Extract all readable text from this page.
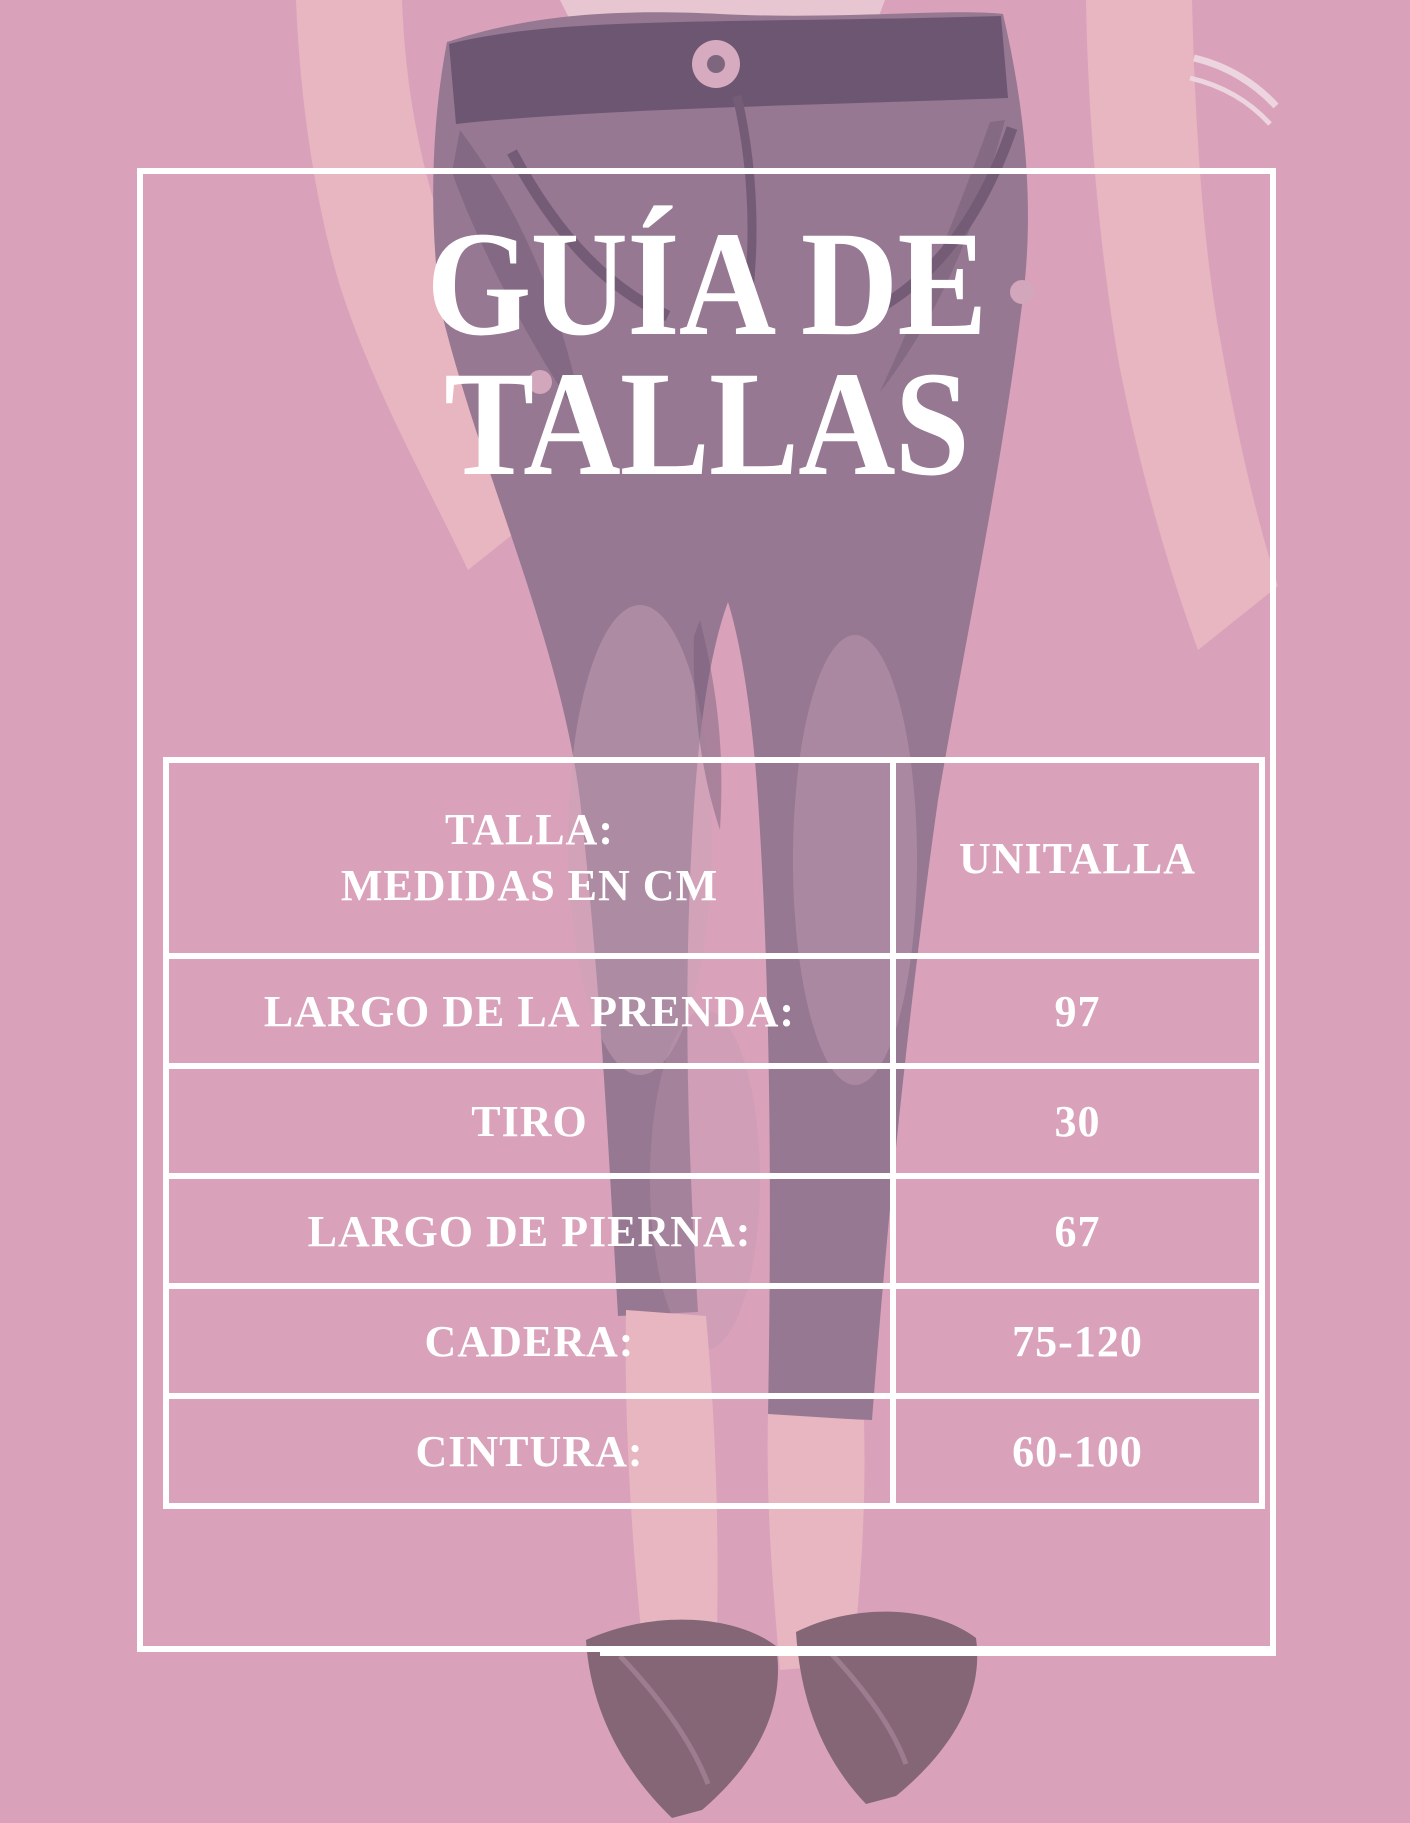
GUÍA DE
TALLAS
TALLA:
MEDIDAS EN CM	UNITALLA
LARGO DE LA PRENDA:	97
TIRO	30
LARGO DE PIERNA:	67
CADERA:	75-120
CINTURA:	60-100
